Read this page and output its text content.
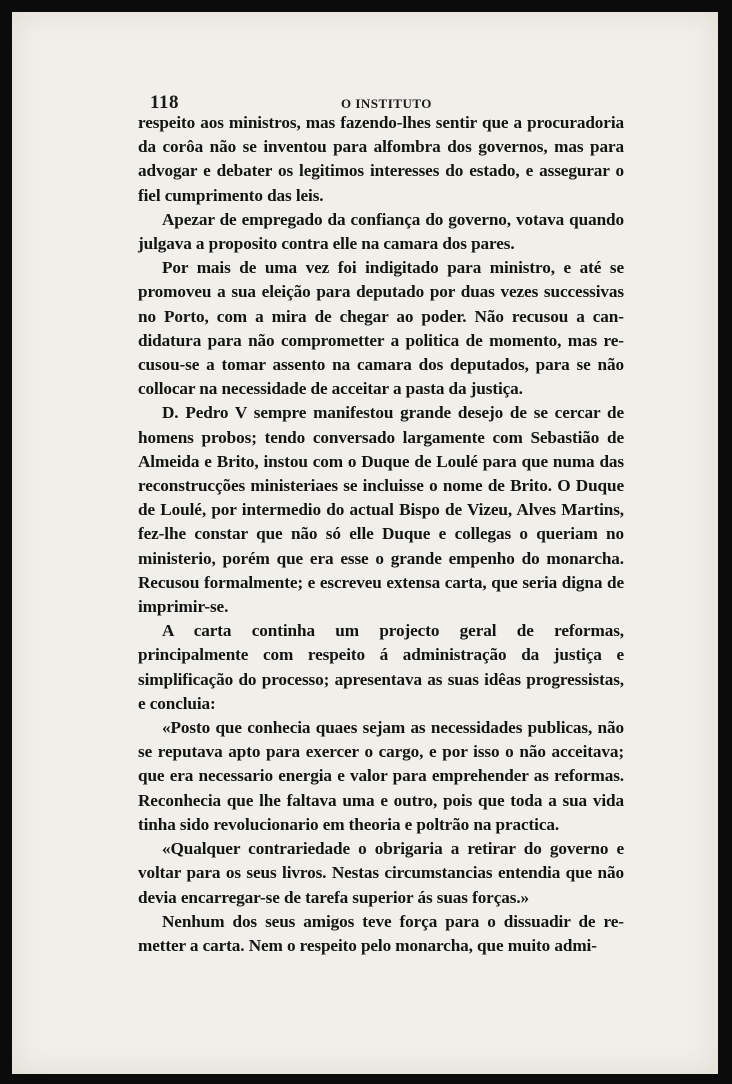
118	O INSTITUTO

respeito aos ministros, mas fazendo-lhes sentir que a procuradoria da corôa não se inventou para alfombra dos governos, mas para advogar e debater os legitimos interesses do estado, e assegurar o fiel cumprimento das leis.

Apezar de empregado da confiança do governo, votava quando julgava a proposito contra elle na camara dos pares.

Por mais de uma vez foi indigitado para ministro, e até se promoveu a sua eleição para deputado por duas vezes successivas no Porto, com a mira de chegar ao poder. Não recusou a candidatura para não comprometter a politica de momento, mas recusou-se a tomar assento na camara dos deputados, para se não collocar na necessidade de acceitar a pasta da justiça.

D. Pedro V sempre manifestou grande desejo de se cercar de homens probos; tendo conversado largamente com Sebastião de Almeida e Brito, instou com o Duque de Loulé para que numa das reconstrucções ministeriaes se incluisse o nome de Brito. O Duque de Loulé, por intermedio do actual Bispo de Vizeu, Alves Martins, fez-lhe constar que não só elle Duque e collegas o queriam no ministerio, porém que era esse o grande empenho do monarcha. Recusou formalmente; e escreveu extensa carta, que seria digna de imprimir-se.

A carta continha um projecto geral de reformas, principalmente com respeito á administração da justiça e simplificação do processo; apresentava as suas idêas progressistas, e concluia:

«Posto que conhecia quaes sejam as necessidades publicas, não se reputava apto para exercer o cargo, e por isso o não acceitava; que era necessario energia e valor para emprehender as reformas. Reconhecia que lhe faltava uma e outro, pois que toda a sua vida tinha sido revolucionario em theoria e poltrão na practica.

«Qualquer contrariedade o obrigaria a retirar do governo e voltar para os seus livros. Nestas circumstancias entendia que não devia encarregar-se de tarefa superior ás suas forças.»

Nenhum dos seus amigos teve força para o dissuadir de remetter a carta. Nem o respeito pelo monarcha, que muito admi-
